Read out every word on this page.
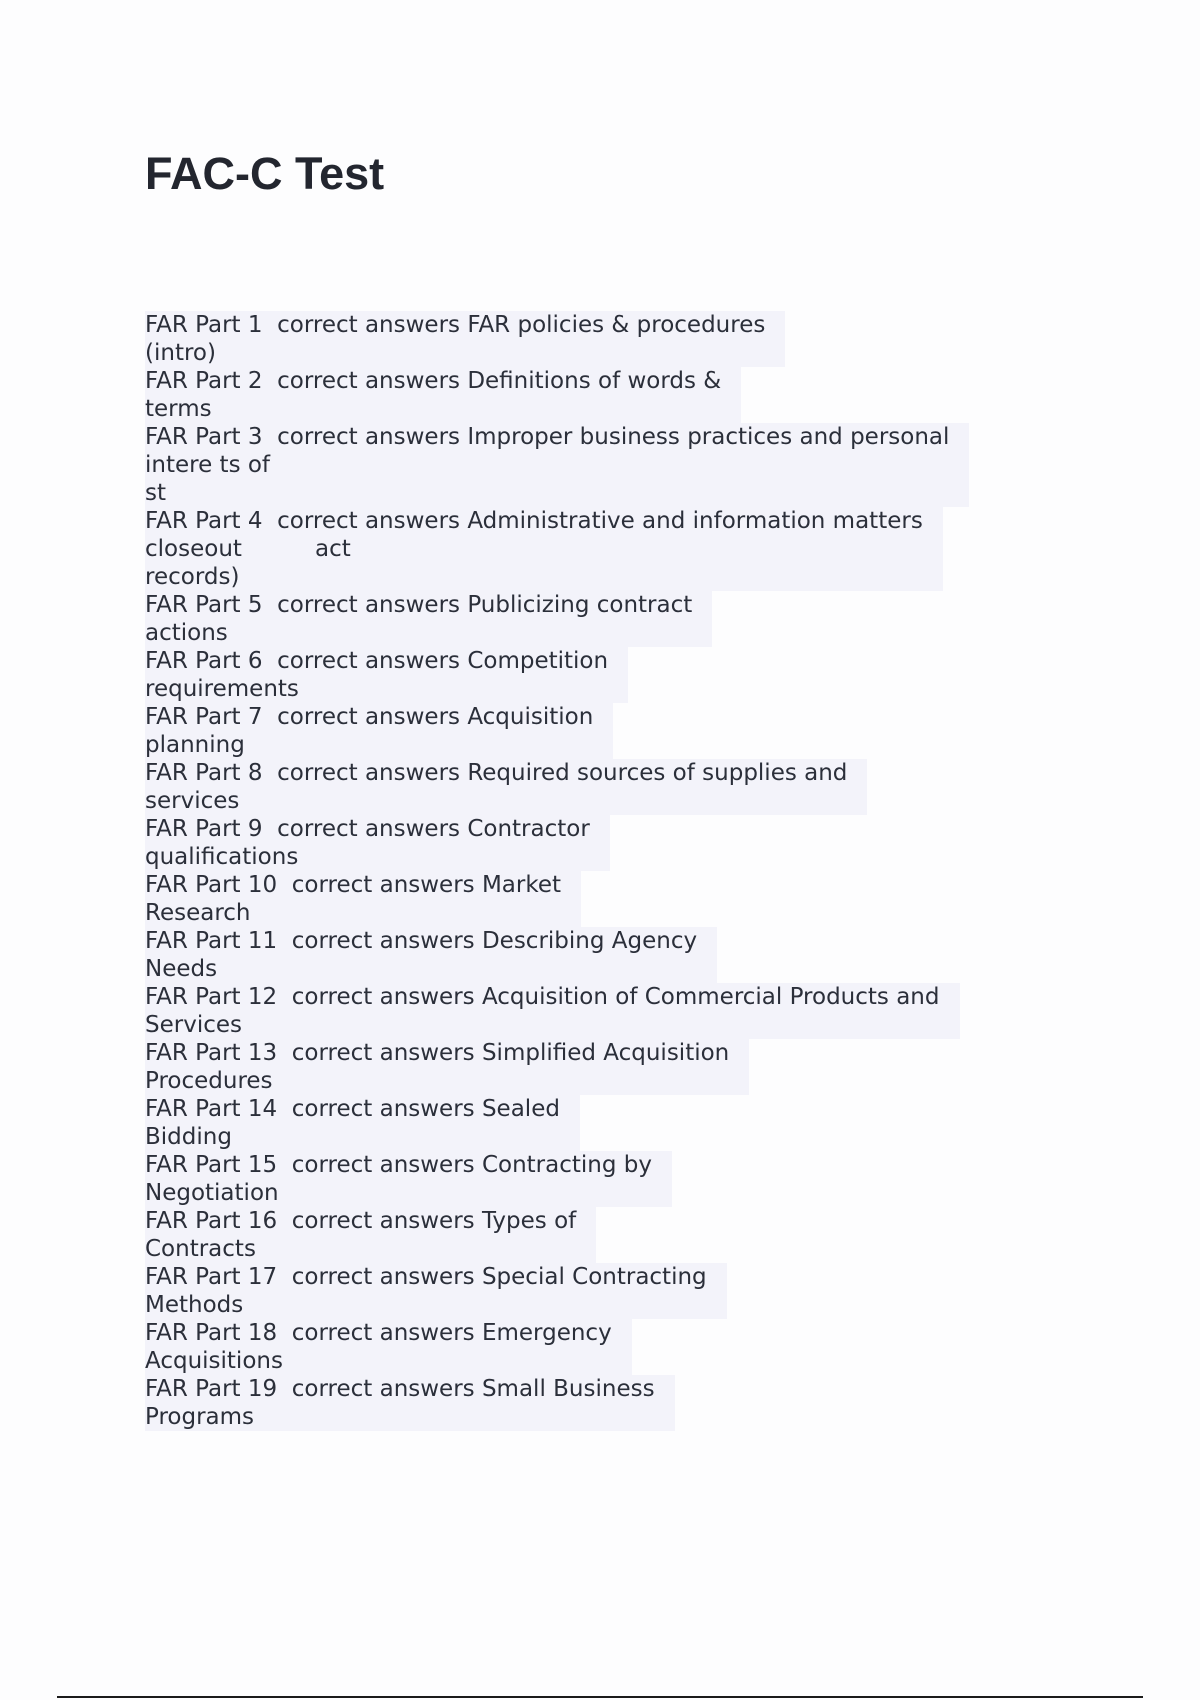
FAC-C Test
FAR Part 1  correct answers FAR policies & procedures
(intro)
FAR Part 2  correct answers Definitions of words &
terms
FAR Part 3  correct answers Improper business practices and personal
intere ts of
st
FAR Part 4  correct answers Administrative and information matters
closeout          act
records)
FAR Part 5  correct answers Publicizing contract
actions
FAR Part 6  correct answers Competition
requirements
FAR Part 7  correct answers Acquisition
planning
FAR Part 8  correct answers Required sources of supplies and
services
FAR Part 9  correct answers Contractor
qualifications
FAR Part 10  correct answers Market
Research
FAR Part 11  correct answers Describing Agency
Needs
FAR Part 12  correct answers Acquisition of Commercial Products and
Services
FAR Part 13  correct answers Simplified Acquisition
Procedures
FAR Part 14  correct answers Sealed
Bidding
FAR Part 15  correct answers Contracting by
Negotiation
FAR Part 16  correct answers Types of
Contracts
FAR Part 17  correct answers Special Contracting
Methods
FAR Part 18  correct answers Emergency
Acquisitions
FAR Part 19  correct answers Small Business
Programs
